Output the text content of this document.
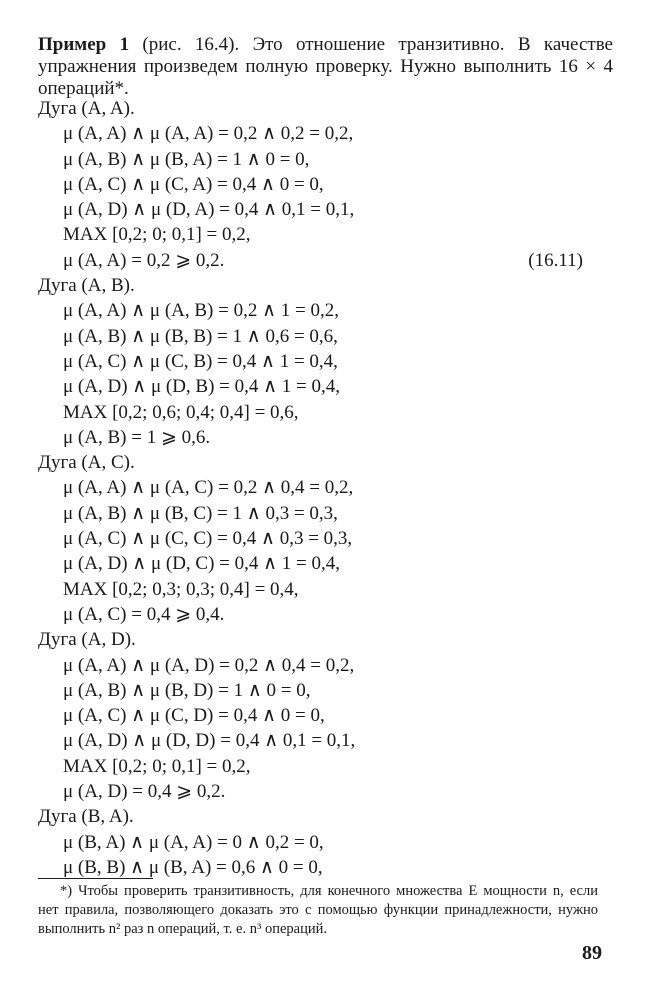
Пример 1 (рис. 16.4). Это отношение транзитивно. В качестве упражнения произведем полную проверку. Нужно выполнить 16 × 4 операций*.

Дуга (A, A).
μ (A, A) ∧ μ (A, A) = 0,2 ∧ 0,2 = 0,2,
μ (A, B) ∧ μ (B, A) = 1 ∧ 0 = 0,
μ (A, C) ∧ μ (C, A) = 0,4 ∧ 0 = 0,
μ (A, D) ∧ μ (D, A) = 0,4 ∧ 0,1 = 0,1,
MAX [0,2; 0; 0,1] = 0,2,
μ (A, A) = 0,2 ⩾ 0,2.	(16.11)
Дуга (A, B).
μ (A, A) ∧ μ (A, B) = 0,2 ∧ 1 = 0,2,
μ (A, B) ∧ μ (B, B) = 1 ∧ 0,6 = 0,6,
μ (A, C) ∧ μ (C, B) = 0,4 ∧ 1 = 0,4,
μ (A, D) ∧ μ (D, B) = 0,4 ∧ 1 = 0,4,
MAX [0,2; 0,6; 0,4; 0,4] = 0,6,
μ (A, B) = 1 ⩾ 0,6.
Дуга (A, C).
μ (A, A) ∧ μ (A, C) = 0,2 ∧ 0,4 = 0,2,
μ (A, B) ∧ μ (B, C) = 1 ∧ 0,3 = 0,3,
μ (A, C) ∧ μ (C, C) = 0,4 ∧ 0,3 = 0,3,
μ (A, D) ∧ μ (D, C) = 0,4 ∧ 1 = 0,4,
MAX [0,2; 0,3; 0,3; 0,4] = 0,4,
μ (A, C) = 0,4 ⩾ 0,4.
Дуга (A, D).
μ (A, A) ∧ μ (A, D) = 0,2 ∧ 0,4 = 0,2,
μ (A, B) ∧ μ (B, D) = 1 ∧ 0 = 0,
μ (A, C) ∧ μ (C, D) = 0,4 ∧ 0 = 0,
μ (A, D) ∧ μ (D, D) = 0,4 ∧ 0,1 = 0,1,
MAX [0,2; 0; 0,1] = 0,2,
μ (A, D) = 0,4 ⩾ 0,2.
Дуга (B, A).
μ (B, A) ∧ μ (A, A) = 0 ∧ 0,2 = 0,
μ (B, B) ∧ μ (B, A) = 0,6 ∧ 0 = 0,

*) Чтобы проверить транзитивность, для конечного множества E мощности n, если нет правила, позволяющего доказать это с помощью функции принадлежности, нужно выполнить n² раз n операций, т. е. n³ операций.

89
